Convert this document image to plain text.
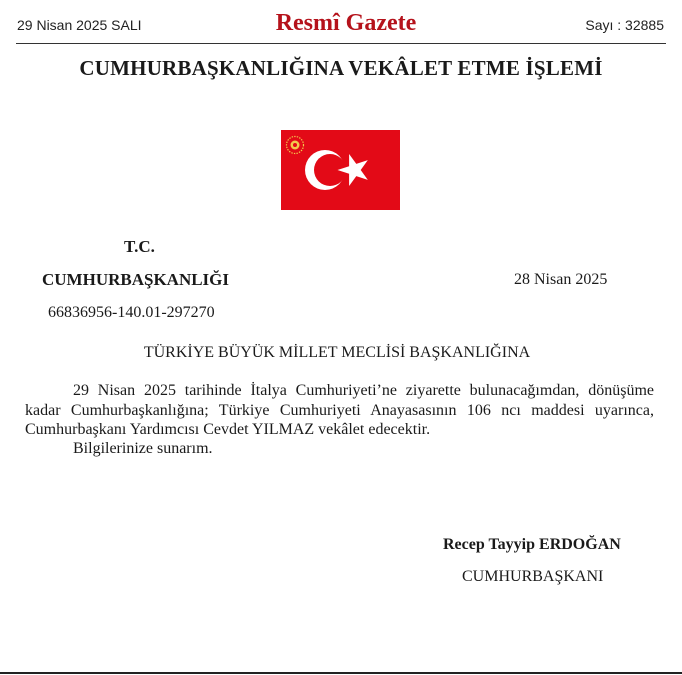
29 Nisan 2025 SALI	Resmî Gazete	Sayı : 32885
CUMHURBAŞKANLIĞINA VEKÂLET ETME İŞLEMİ
T.C.
CUMHURBAŞKANLIĞI	28 Nisan 2025
66836956-140.01-297270
TÜRKİYE BÜYÜK MİLLET MECLİSİ BAŞKANLIĞINA
29 Nisan 2025 tarihinde İtalya Cumhuriyeti’ne ziyarette bulunacağımdan, dönüşüme kadar Cumhurbaşkanlığına; Türkiye Cumhuriyeti Anayasasının 106 ncı maddesi uyarınca, Cumhurbaşkanı Yardımcısı Cevdet YILMAZ vekâlet edecektir.
Bilgilerinize sunarım.
Recep Tayyip ERDOĞAN
CUMHURBAŞKANI
